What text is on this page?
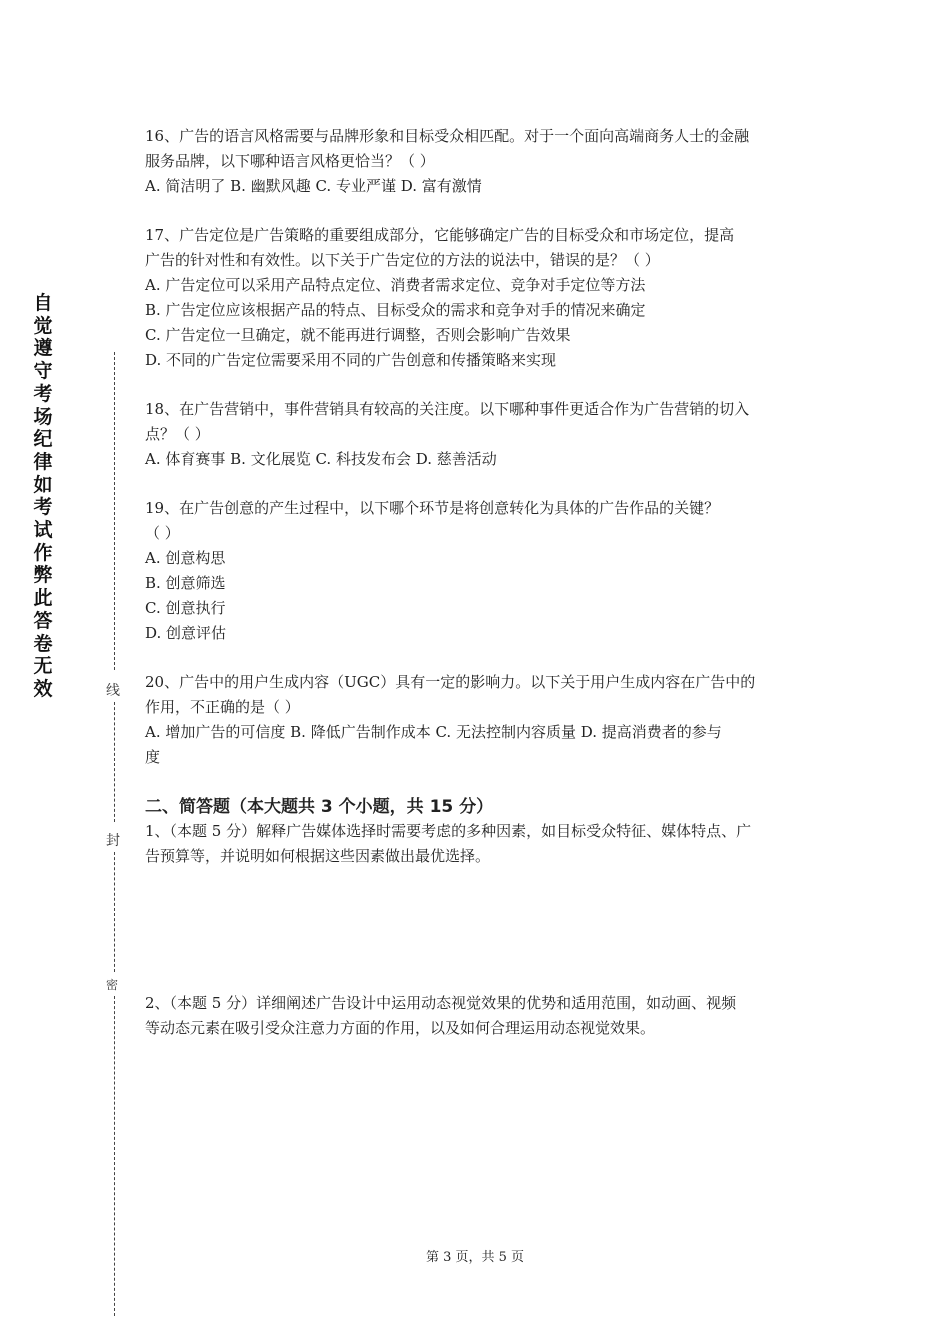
自
觉
遵
守
考
场
纪
律
如
考
试
作
弊
此
答
卷
无
效	线
封
密

16、广告的语言风格需要与品牌形象和目标受众相匹配。对于一个面向高端商务人士的金融

服务品牌，以下哪种语言风格更恰当？（ ）

A. 简洁明了 B. 幽默风趣 C. 专业严谨 D. 富有激情

17、广告定位是广告策略的重要组成部分，它能够确定广告的目标受众和市场定位，提高

广告的针对性和有效性。以下关于广告定位的方法的说法中，错误的是？（ ）

A. 广告定位可以采用产品特点定位、消费者需求定位、竞争对手定位等方法

B. 广告定位应该根据产品的特点、目标受众的需求和竞争对手的情况来确定

C. 广告定位一旦确定，就不能再进行调整，否则会影响广告效果

D. 不同的广告定位需要采用不同的广告创意和传播策略来实现

18、在广告营销中，事件营销具有较高的关注度。以下哪种事件更适合作为广告营销的切入

点？（ ）

A. 体育赛事 B. 文化展览 C. 科技发布会 D. 慈善活动

19、在广告创意的产生过程中，以下哪个环节是将创意转化为具体的广告作品的关键？

（ ）

A. 创意构思

B. 创意筛选

C. 创意执行

D. 创意评估

20、广告中的用户生成内容（UGC）具有一定的影响力。以下关于用户生成内容在广告中的

作用，不正确的是（ ）

A. 增加广告的可信度 B. 降低广告制作成本 C. 无法控制内容质量 D. 提高消费者的参与

度

二、简答题（本大题共 3 个小题，共 15 分）

1、（本题 5 分）解释广告媒体选择时需要考虑的多种因素，如目标受众特征、媒体特点、广

告预算等，并说明如何根据这些因素做出最优选择。

2、（本题 5 分）详细阐述广告设计中运用动态视觉效果的优势和适用范围，如动画、视频

等动态元素在吸引受众注意力方面的作用，以及如何合理运用动态视觉效果。

第 3 页，共 5 页
